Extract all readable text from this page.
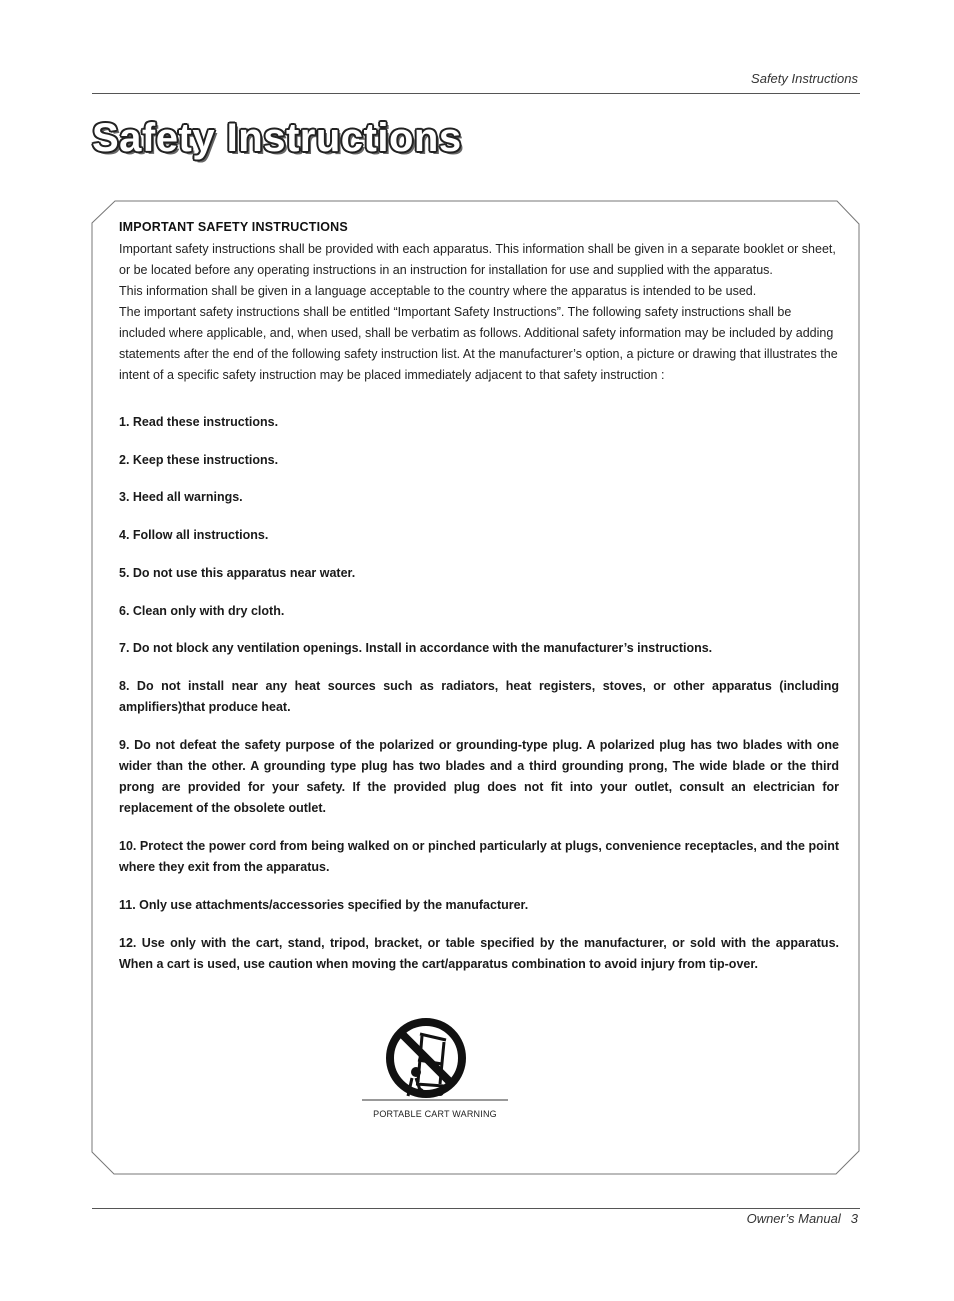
Safety Instructions
Safety Instructions
IMPORTANT SAFETY INSTRUCTIONS

Important safety instructions shall be provided with each apparatus. This information shall be given in a separate booklet or sheet, or be located before any operating instructions in an instruction for installation for use and supplied with the apparatus.

This information shall be given in a language acceptable to the country where the apparatus is intended to be used.

The important safety instructions shall be entitled “Important Safety Instructions”. The following safety instructions shall be included where applicable, and, when used, shall be verbatim as follows. Additional safety information may be included by adding statements after the end of the following safety instruction list. At the manufacturer’s option, a picture or drawing that illustrates the intent of a specific safety instruction may be placed immediately adjacent to that safety instruction :

1. Read these instructions.
2. Keep these instructions.
3. Heed all warnings.
4. Follow all instructions.
5. Do not use this apparatus near water.
6. Clean only with dry cloth.
7. Do not block any ventilation openings. Install in accordance with the manufacturer’s instructions.
8. Do not install near any heat sources such as radiators, heat registers, stoves, or other apparatus (including amplifiers)that produce heat.
9. Do not defeat the safety purpose of the polarized or grounding-type plug. A polarized plug has two blades with one wider than the other. A grounding type plug has two blades and a third grounding prong, The wide blade or the third prong are provided for your safety. If the provided plug does not fit into your outlet, consult an electrician for replacement of the obsolete outlet.
10. Protect the power cord from being walked on or pinched particularly at plugs, convenience receptacles, and the point where they exit from the apparatus.
11. Only use attachments/accessories specified by the manufacturer.
12. Use only with the cart, stand, tripod, bracket, or table specified by the manufacturer, or sold with the apparatus. When a cart is used, use caution when moving the cart/apparatus combination to avoid injury from tip-over.
PORTABLE CART WARNING
Owner’s Manual 3
